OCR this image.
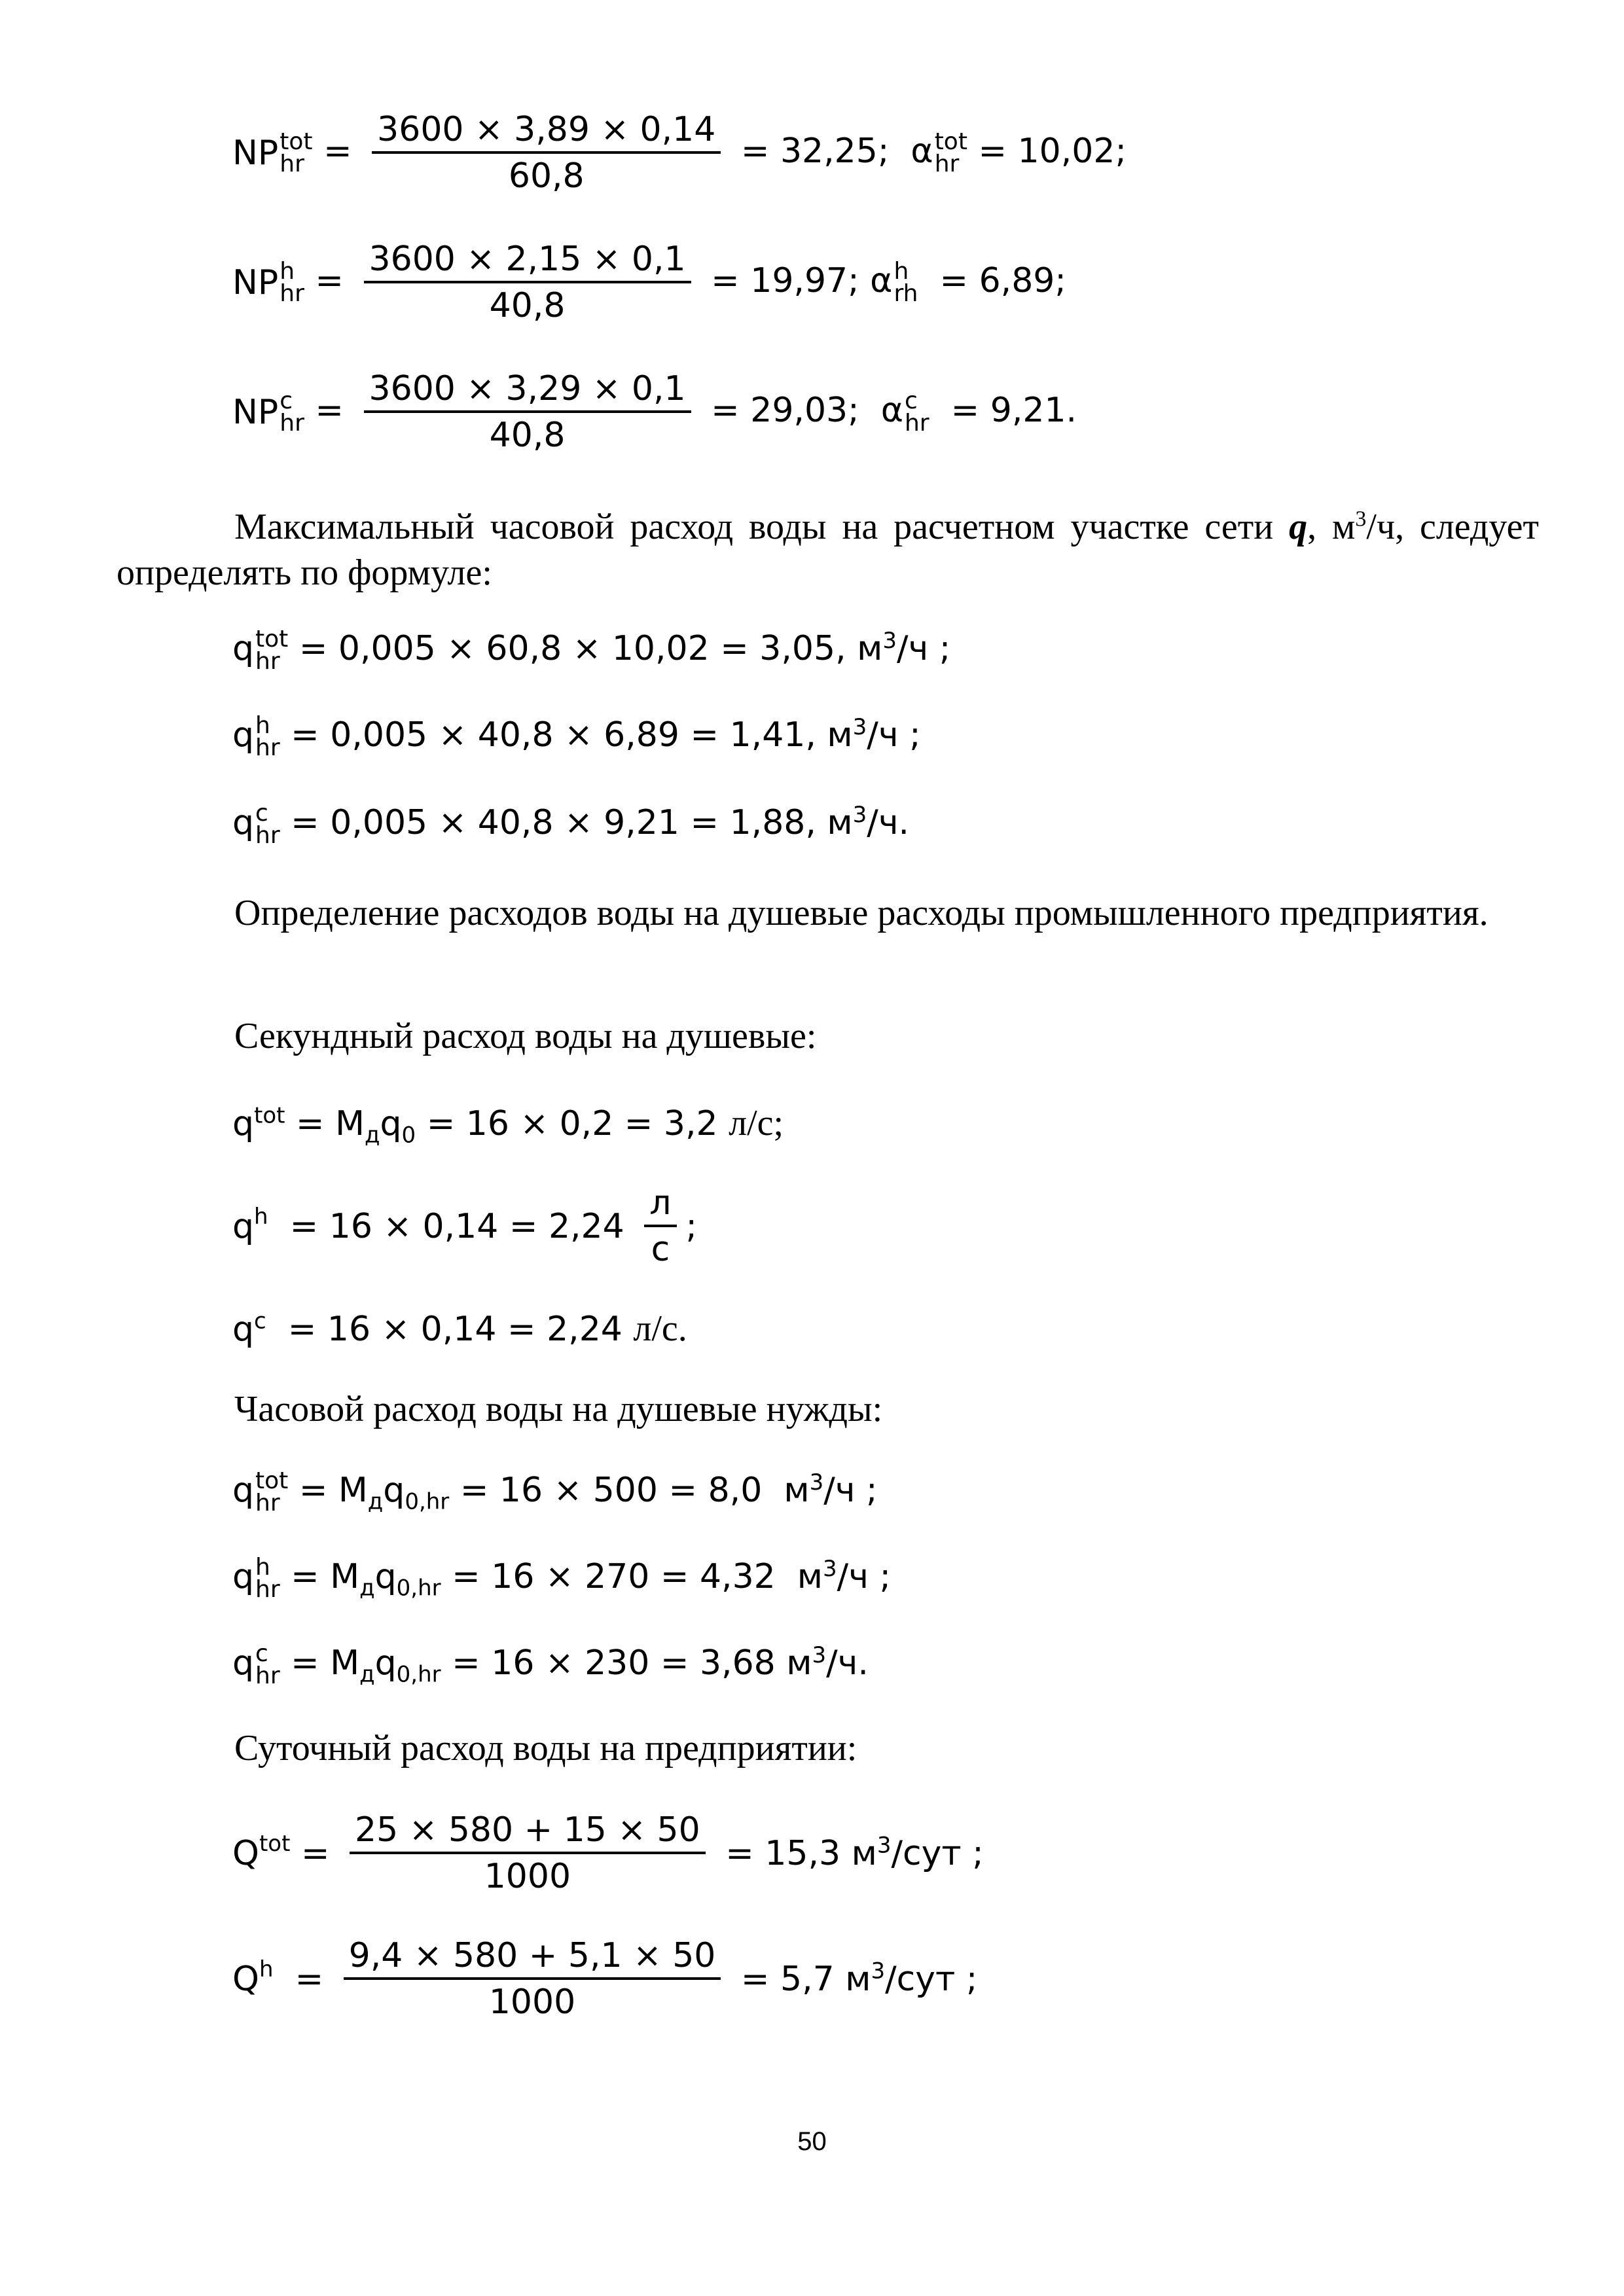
NP tot
hr = $\frac{3600 \times 3,89 \times 0,14}{60,8} = 32,25$; α tot
hr = 10,02;
NP h
hr = $\frac{3600 \times 2,15 \times 0,1}{40,8} = 19,97$; α h
rh = 6,89;
NP c
hr = $\frac{3600 \times 3,29 \times 0,1}{40,8} = 29,03$; α c
hr = 9,21.
Максимальный часовой расход воды на расчетном участке сети q, $м^3/ч$, следует определять по формуле:
q tot
hr = 0,005 × 60,8 × 10,02 = 3,05, $м^3/ч$ ;
q h
hr = 0,005 × 40,8 × 6,89 = 1,41, $м^3/ч$ ;
q c
hr = 0,005 × 40,8 × 9,21 = 1,88, $м^3/ч$.
Определение расходов воды на душевые расходы промышленного предприятия.
Секундный расход воды на душевые:
$q^{tot} = М_дq_0 = 16 \times 0,2 = 3,2$ л/с;
$q^h = 16 \times 0,14 = 2,24 \frac{л}{с}$ ;
$q^c = 16 \times 0,14 = 2,24$ л/с.
Часовой расход воды на душевые нужды:
q tot
hr = $М_дq_{0,hr} = 16 \times 500 = 8,0$ $м^3/ч$ ;
q h
hr = $М_дq_{0,hr} = 16 \times 270 = 4,32$ $м^3/ч$ ;
q c
hr = $М_дq_{0,hr} = 16 \times 230 = 3,68$ $м^3/ч$.
Суточный расход воды на предприятии:
$Q^{tot} = \frac{25 \times 580 + 15 \times 50}{1000} = 15,3$ $м^3$/сут ;
$Q^h = \frac{9,4 \times 580 + 5,1 \times 50}{1000} = 5,7$ $м^3$/сут ;
50
